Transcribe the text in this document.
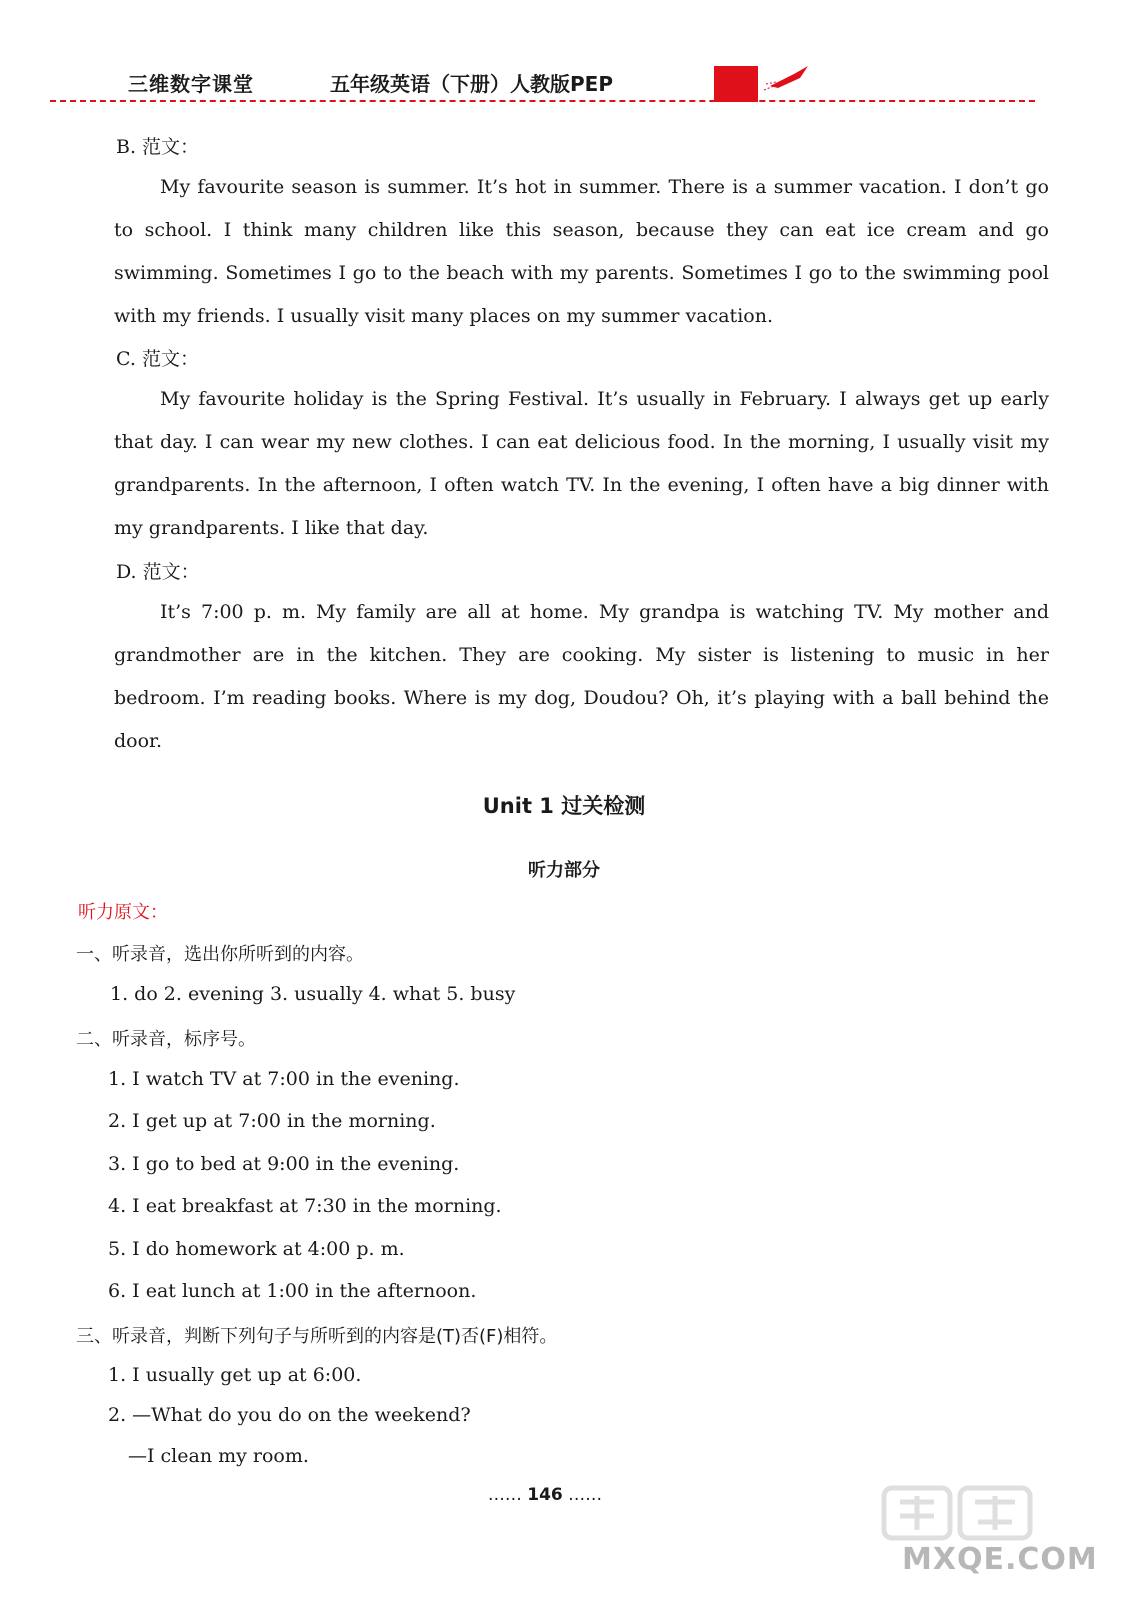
三维数字课堂	五年级英语（下册）人教版PEP
B. 范文：
My favourite season is summer. It’s hot in summer. There is a summer vacation. I don’t go to school. I think many children like this season, because they can eat ice cream and go swimming. Sometimes I go to the beach with my parents. Sometimes I go to the swimming pool with my friends. I usually visit many places on my summer vacation.
C. 范文：
My favourite holiday is the Spring Festival. It’s usually in February. I always get up early that day. I can wear my new clothes. I can eat delicious food. In the morning, I usually visit my grandparents. In the afternoon, I often watch TV. In the evening, I often have a big dinner with my grandparents. I like that day.
D. 范文：
It’s 7:00 p. m. My family are all at home. My grandpa is watching TV. My mother and grandmother are in the kitchen. They are cooking. My sister is listening to music in her bedroom. I’m reading books. Where is my dog, Doudou? Oh, it’s playing with a ball behind the door.
Unit 1 过关检测
听力部分
听力原文：
一、听录音，选出你所听到的内容。
1. do 2. evening 3. usually 4. what 5. busy
二、听录音，标序号。
1. I watch TV at 7:00 in the evening.
2. I get up at 7:00 in the morning.
3. I go to bed at 9:00 in the evening.
4. I eat breakfast at 7:30 in the morning.
5. I do homework at 4:00 p. m.
6. I eat lunch at 1:00 in the afternoon.
三、听录音，判断下列句子与所听到的内容是(T)否(F)相符。
1. I usually get up at 6:00.
2. —What do you do on the weekend?
—I clean my room.
…… 146 ……
MXQE.COM
